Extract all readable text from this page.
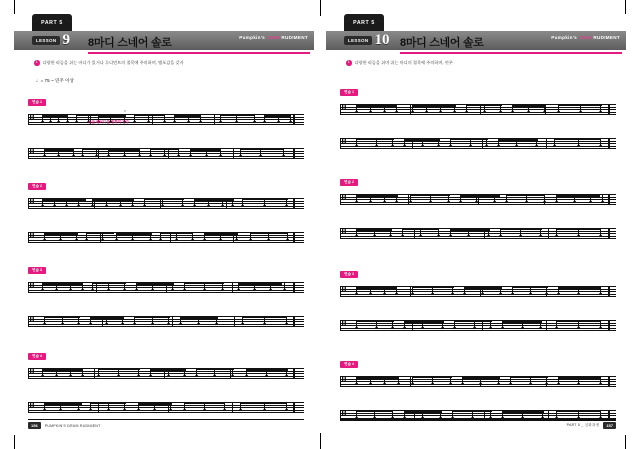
PART 5
Pumpkin's Drum RUDIMENT
LESSON 9 8마디 스네어 솔로
1	다양한 리듬을 쉬는 마디가 있거나 루디먼트의 접목에 주의하며, 템포감을 갖자
♩= 75 ~ 연주 이상
연습 1
𝄥	>
싱글 패러디들 정확히 연주
𝄥
연습 2
𝄥
𝄥
연습 3
𝄥
𝄥
연습 4
𝄥
𝄥
156	PUMPKIN'S DRUM RUDIMENT
PART 5
Pumpkin's Drum RUDIMENT
LESSON 10 8마디 스네어 솔로
1	다양한 리듬을 쉬며 쉬는 마디의 접목에 주의하며, 연주
연습 1
𝄥
𝄥
연습 2
𝄥
𝄥
연습 3
𝄥
𝄥
연습 4
𝄥
𝄥
PART 5 _ 심화과정	157
